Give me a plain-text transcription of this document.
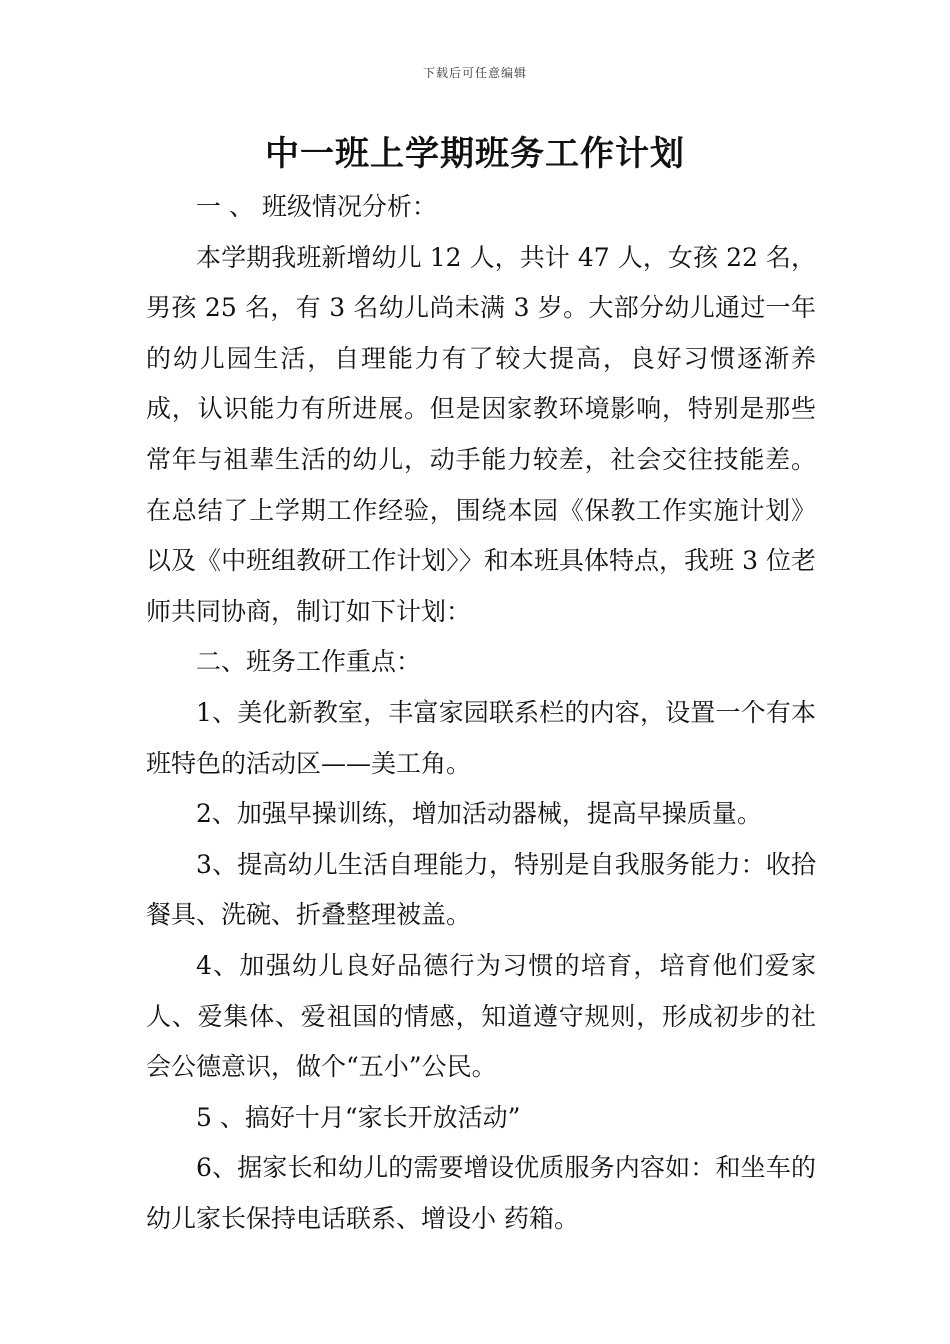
下载后可任意编辑
中一班上学期班务工作计划

一 、 班级情况分析：

本学期我班新增幼儿 12 人，共计 47 人，女孩 22 名，男孩 25 名，有 3 名幼儿尚未满 3 岁。大部分幼儿通过一年的幼儿园生活，自理能力有了较大提高，良好习惯逐渐养成，认识能力有所进展。但是因家教环境影响，特别是那些常年与祖辈生活的幼儿，动手能力较差，社会交往技能差。在总结了上学期工作经验，围绕本园《保教工作实施计划》以及《中班组教研工作计划〉〉和本班具体特点，我班 3 位老师共同协商，制订如下计划：

二、班务工作重点：

1、美化新教室，丰富家园联系栏的内容，设置一个有本班特色的活动区——美工角。

2、加强早操训练，增加活动器械，提高早操质量。

3、提高幼儿生活自理能力，特别是自我服务能力：收拾餐具、洗碗、折叠整理被盖。

4、加强幼儿良好品德行为习惯的培育，培育他们爱家人、爱集体、爱祖国的情感，知道遵守规则，形成初步的社会公德意识，做个“五小”公民。

5 、搞好十月“家长开放活动”

6、据家长和幼儿的需要增设优质服务内容如：和坐车的幼儿家长保持电话联系、增设小 药箱。
